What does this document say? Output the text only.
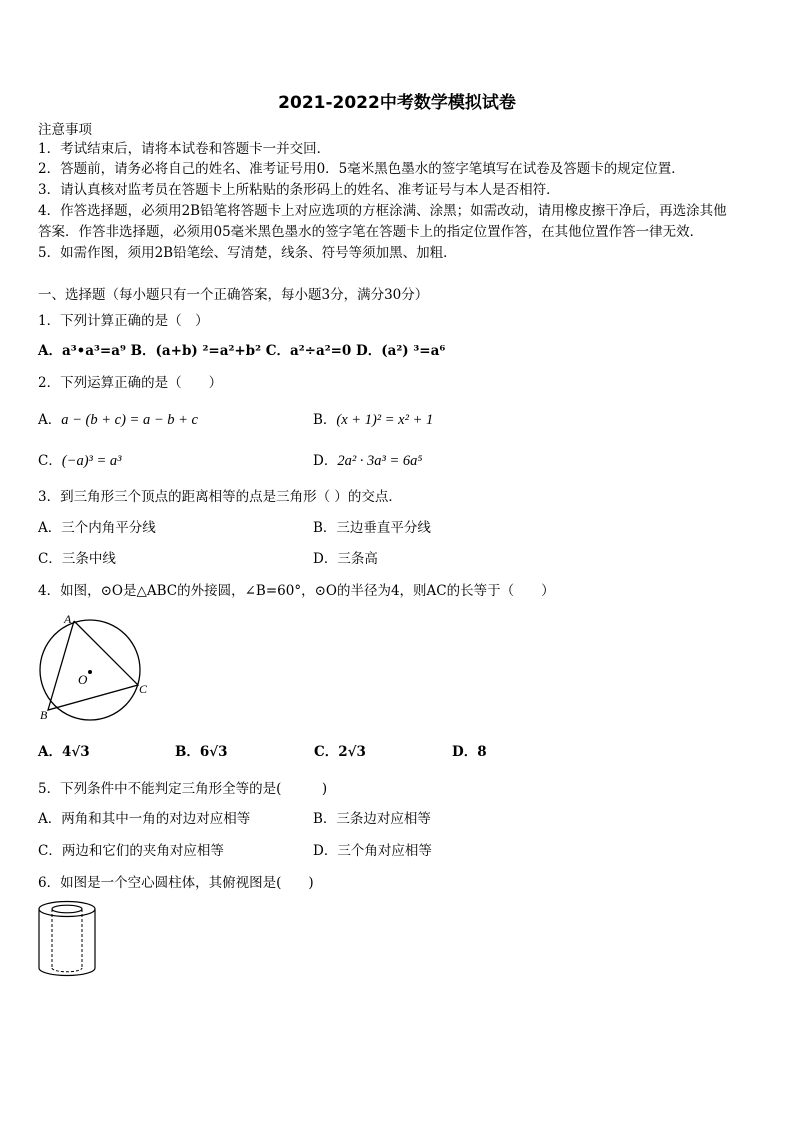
2021-2022中考数学模拟试卷
注意事项
1．考试结束后，请将本试卷和答题卡一并交回．
2．答题前，请务必将自己的姓名、准考证号用0．5毫米黑色墨水的签字笔填写在试卷及答题卡的规定位置．
3．请认真核对监考员在答题卡上所粘贴的条形码上的姓名、准考证号与本人是否相符．
4．作答选择题，必须用2B铅笔将答题卡上对应选项的方框涂满、涂黑；如需改动，请用橡皮擦干净后，再选涂其他
答案．作答非选择题，必须用05毫米黑色墨水的签字笔在答题卡上的指定位置作答，在其他位置作答一律无效．
5．如需作图，须用2B铅笔绘、写清楚，线条、符号等须加黑、加粗．
一、选择题（每小题只有一个正确答案，每小题3分，满分30分）
1．下列计算正确的是（　）
A．a³•a³=a⁹ B．(a+b) ²=a²+b² C．a²÷a²=0 D．(a²) ³=a⁶
2．下列运算正确的是（　　）
A．a − (b + c) = a − b + c	B．(x + 1)² = x² + 1
C．(−a)³ = a³	D．2a² · 3a³ = 6a⁵
3．到三角形三个顶点的距离相等的点是三角形（ ）的交点．
A．三个内角平分线	B．三边垂直平分线
C．三条中线	D．三条高
4．如图，⊙O是△ABC的外接圆，∠B=60°，⊙O的半径为4，则AC的长等于（　　）
A
B
C
O
A．4√3	B．6√3	C．2√3	D．8
5．下列条件中不能判定三角形全等的是(　　　)
A．两角和其中一角的对边对应相等	B．三条边对应相等
C．两边和它们的夹角对应相等	D．三个角对应相等
6．如图是一个空心圆柱体，其俯视图是(　　)
